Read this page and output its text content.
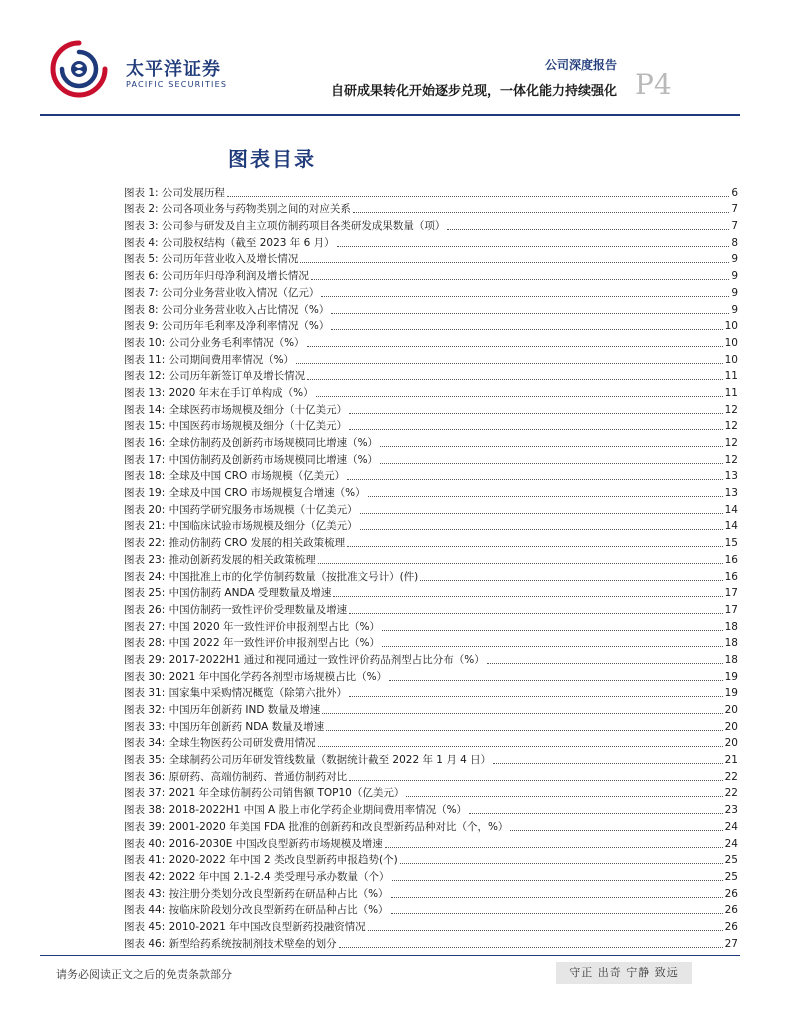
太平洋证券
PACIFIC SECURITIES
公司深度报告
P4
自研成果转化开始逐步兑现，一体化能力持续强化
图表目录
图表 1: 公司发展历程	6
图表 2: 公司各项业务与药物类别之间的对应关系	7
图表 3: 公司参与研发及自主立项仿制药项目各类研发成果数量（项）	7
图表 4: 公司股权结构（截至 2023 年 6 月）	8
图表 5: 公司历年营业收入及增长情况	9
图表 6: 公司历年归母净利润及增长情况	9
图表 7: 公司分业务营业收入情况（亿元）	9
图表 8: 公司分业务营业收入占比情况（%）	9
图表 9: 公司历年毛利率及净利率情况（%）	10
图表 10: 公司分业务毛利率情况（%）	10
图表 11: 公司期间费用率情况（%）	10
图表 12: 公司历年新签订单及增长情况	11
图表 13: 2020 年末在手订单构成（%）	11
图表 14: 全球医药市场规模及细分（十亿美元）	12
图表 15: 中国医药市场规模及细分（十亿美元）	12
图表 16: 全球仿制药及创新药市场规模同比增速（%）	12
图表 17: 中国仿制药及创新药市场规模同比增速（%）	12
图表 18: 全球及中国 CRO 市场规模（亿美元）	13
图表 19: 全球及中国 CRO 市场规模复合增速（%）	13
图表 20: 中国药学研究服务市场规模（十亿美元）	14
图表 21: 中国临床试验市场规模及细分（亿美元）	14
图表 22: 推动仿制药 CRO 发展的相关政策梳理	15
图表 23: 推动创新药发展的相关政策梳理	16
图表 24: 中国批准上市的化学仿制药数量（按批准文号计）(件)	16
图表 25: 中国仿制药 ANDA 受理数量及增速	17
图表 26: 中国仿制药一致性评价受理数量及增速	17
图表 27: 中国 2020 年一致性评价申报剂型占比（%）	18
图表 28: 中国 2022 年一致性评价申报剂型占比（%）	18
图表 29: 2017-2022H1 通过和视同通过一致性评价药品剂型占比分布（%）	18
图表 30: 2021 年中国化学药各剂型市场规模占比（%）	19
图表 31: 国家集中采购情况概览（除第六批外）	19
图表 32: 中国历年创新药 IND 数量及增速	20
图表 33: 中国历年创新药 NDA 数量及增速	20
图表 34: 全球生物医药公司研发费用情况	20
图表 35: 全球制药公司历年研发管线数量（数据统计截至 2022 年 1 月 4 日）	21
图表 36: 原研药、高端仿制药、普通仿制药对比	22
图表 37: 2021 年全球仿制药公司销售额 TOP10（亿美元）	22
图表 38: 2018-2022H1 中国 A 股上市化学药企业期间费用率情况（%）	23
图表 39: 2001-2020 年美国 FDA 批准的创新药和改良型新药品种对比（个，%）	24
图表 40: 2016-2030E 中国改良型新药市场规模及增速	24
图表 41: 2020-2022 年中国 2 类改良型新药申报趋势(个)	25
图表 42: 2022 年中国 2.1-2.4 类受理号承办数量（个）	25
图表 43: 按注册分类划分改良型新药在研品种占比（%）	26
图表 44: 按临床阶段划分改良型新药在研品种占比（%）	26
图表 45: 2010-2021 年中国改良型新药投融资情况	26
图表 46: 新型给药系统按制剂技术壁垒的划分	27
请务必阅读正文之后的免责条款部分	守正 出奇 宁静 致远
